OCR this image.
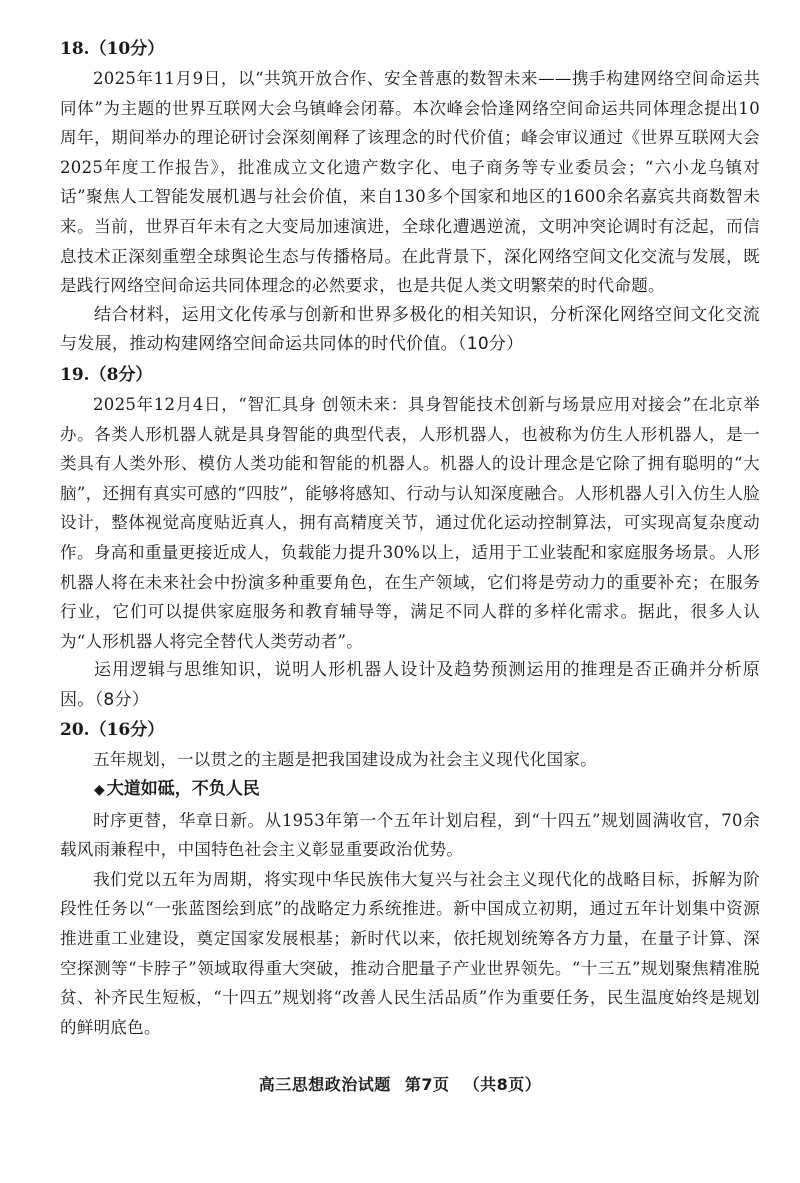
18.（10分）

2025年11月9日，以“共筑开放合作、安全普惠的数智未来——携手构建网络空间命运共同体”为主题的世界互联网大会乌镇峰会闭幕。本次峰会恰逢网络空间命运共同体理念提出10周年，期间举办的理论研讨会深刻阐释了该理念的时代价值；峰会审议通过《世界互联网大会2025年度工作报告》，批准成立文化遗产数字化、电子商务等专业委员会；“六小龙乌镇对话”聚焦人工智能发展机遇与社会价值，来自130多个国家和地区的1600余名嘉宾共商数智未来。当前，世界百年未有之大变局加速演进，全球化遭遇逆流，文明冲突论调时有泛起，而信息技术正深刻重塑全球舆论生态与传播格局。在此背景下，深化网络空间文化交流与发展，既是践行网络空间命运共同体理念的必然要求，也是共促人类文明繁荣的时代命题。

结合材料，运用文化传承与创新和世界多极化的相关知识，分析深化网络空间文化交流与发展，推动构建网络空间命运共同体的时代价值。（10分）

19.（8分）

2025年12月4日，“智汇具身 创领未来：具身智能技术创新与场景应用对接会”在北京举办。各类人形机器人就是具身智能的典型代表，人形机器人，也被称为仿生人形机器人，是一类具有人类外形、模仿人类功能和智能的机器人。机器人的设计理念是它除了拥有聪明的“大脑”，还拥有真实可感的“四肢”，能够将感知、行动与认知深度融合。人形机器人引入仿生人脸设计，整体视觉高度贴近真人，拥有高精度关节，通过优化运动控制算法，可实现高复杂度动作。身高和重量更接近成人，负载能力提升30%以上，适用于工业装配和家庭服务场景。人形机器人将在未来社会中扮演多种重要角色，在生产领域，它们将是劳动力的重要补充；在服务行业，它们可以提供家庭服务和教育辅导等，满足不同人群的多样化需求。据此，很多人认为“人形机器人将完全替代人类劳动者”。

运用逻辑与思维知识，说明人形机器人设计及趋势预测运用的推理是否正确并分析原因。（8分）

20.（16分）

五年规划，一以贯之的主题是把我国建设成为社会主义现代化国家。

◆ 大道如砥，不负人民

时序更替，华章日新。从1953年第一个五年计划启程，到“十四五”规划圆满收官，70余载风雨兼程中，中国特色社会主义彰显重要政治优势。

我们党以五年为周期，将实现中华民族伟大复兴与社会主义现代化的战略目标，拆解为阶段性任务以“一张蓝图绘到底”的战略定力系统推进。新中国成立初期，通过五年计划集中资源推进重工业建设，奠定国家发展根基；新时代以来，依托规划统筹各方力量，在量子计算、深空探测等“卡脖子”领域取得重大突破，推动合肥量子产业世界领先。“十三五”规划聚焦精准脱贫、补齐民生短板，“十四五”规划将“改善人民生活品质”作为重要任务，民生温度始终是规划的鲜明底色。

高三思想政治试题 第7页 （共8页）
